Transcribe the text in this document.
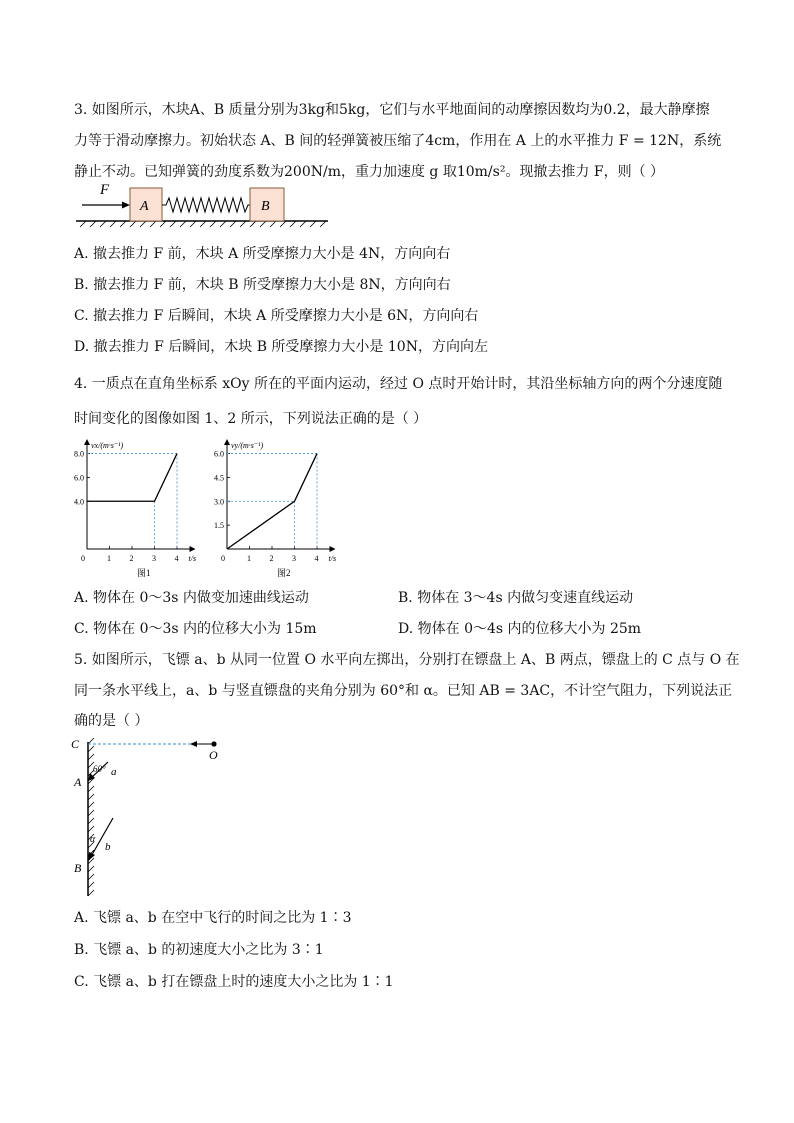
3. 如图所示，木块A、B 质量分别为3kg和5kg，它们与水平地面间的动摩擦因数均为0.2，最大静摩擦
力等于滑动摩擦力。初始状态 A、B 间的轻弹簧被压缩了4cm，作用在 A 上的水平推力 F = 12N，系统
静止不动。已知弹簧的劲度系数为200N/m，重力加速度 g 取10m/s²。现撤去推力 F，则（ ）
F
A	B
A. 撤去推力 F 前，木块 A 所受摩擦力大小是 4N，方向向右
B. 撤去推力 F 前，木块 B 所受摩擦力大小是 8N，方向向右
C. 撤去推力 F 后瞬间，木块 A 所受摩擦力大小是 6N，方向向右
D. 撤去推力 F 后瞬间，木块 B 所受摩擦力大小是 10N，方向向左
4. 一质点在直角坐标系 xOy 所在的平面内运动，经过 O 点时开始计时，其沿坐标轴方向的两个分速度随
时间变化的图像如图 1、2 所示，下列说法正确的是（ ）
vx/(m·s⁻¹)
t/s
0	1 2 3 4
4.0
6.0
8.0
图1
vy/(m·s⁻¹)
t/s
0	1 2 3 4
1.5
3.0
4.5
6.0
图2
A. 物体在 0～3s 内做变加速曲线运动	B. 物体在 3～4s 内做匀变速直线运动
C. 物体在 0～3s 内的位移大小为 15m	D. 物体在 0～4s 内的位移大小为 25m
5. 如图所示，飞镖 a、b 从同一位置 O 水平向左掷出，分别打在镖盘上 A、B 两点，镖盘上的 C 点与 O 在
同一条水平线上，a、b 与竖直镖盘的夹角分别为 60°和 α。已知 AB = 3AC，不计空气阻力，下列说法正
确的是（ ）
C
O
a
60°
A
b
α
B
A. 飞镖 a、b 在空中飞行的时间之比为 1∶3
B. 飞镖 a、b 的初速度大小之比为 3∶1
C. 飞镖 a、b 打在镖盘上时的速度大小之比为 1∶1
